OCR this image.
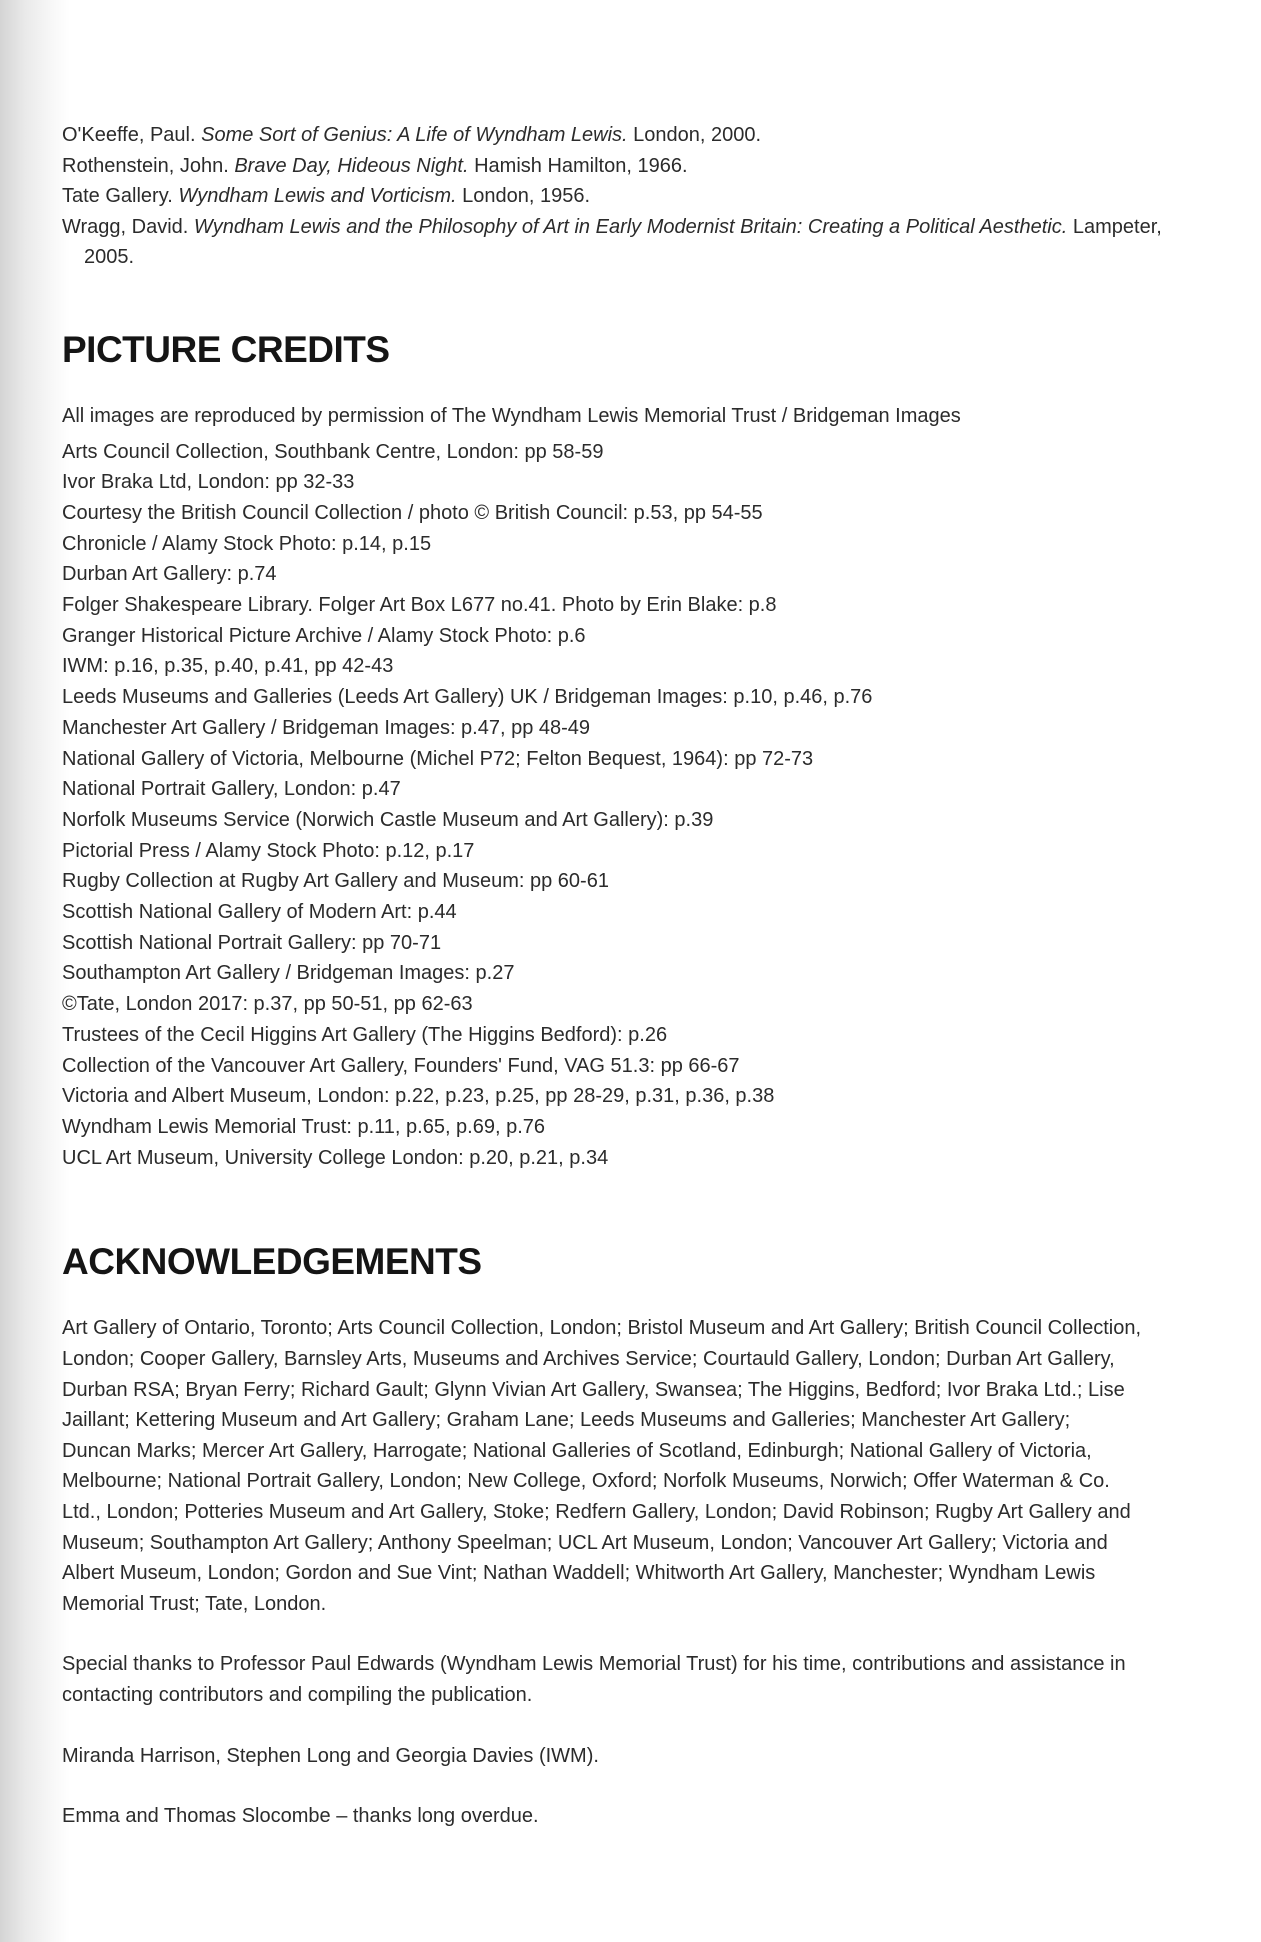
O'Keeffe, Paul. Some Sort of Genius: A Life of Wyndham Lewis. London, 2000.
Rothenstein, John. Brave Day, Hideous Night. Hamish Hamilton, 1966.
Tate Gallery. Wyndham Lewis and Vorticism. London, 1956.
Wragg, David. Wyndham Lewis and the Philosophy of Art in Early Modernist Britain: Creating a Political Aesthetic. Lampeter, 2005.
PICTURE CREDITS

All images are reproduced by permission of The Wyndham Lewis Memorial Trust / Bridgeman Images

Arts Council Collection, Southbank Centre, London: pp 58-59
Ivor Braka Ltd, London: pp 32-33
Courtesy the British Council Collection / photo © British Council: p.53, pp 54-55
Chronicle / Alamy Stock Photo: p.14, p.15
Durban Art Gallery: p.74
Folger Shakespeare Library. Folger Art Box L677 no.41. Photo by Erin Blake: p.8
Granger Historical Picture Archive / Alamy Stock Photo: p.6
IWM: p.16, p.35, p.40, p.41, pp 42-43
Leeds Museums and Galleries (Leeds Art Gallery) UK / Bridgeman Images: p.10, p.46, p.76
Manchester Art Gallery / Bridgeman Images: p.47, pp 48-49
National Gallery of Victoria, Melbourne (Michel P72; Felton Bequest, 1964): pp 72-73
National Portrait Gallery, London: p.47
Norfolk Museums Service (Norwich Castle Museum and Art Gallery): p.39
Pictorial Press / Alamy Stock Photo: p.12, p.17
Rugby Collection at Rugby Art Gallery and Museum: pp 60-61
Scottish National Gallery of Modern Art: p.44
Scottish National Portrait Gallery: pp 70-71
Southampton Art Gallery / Bridgeman Images: p.27
©Tate, London 2017: p.37, pp 50-51, pp 62-63
Trustees of the Cecil Higgins Art Gallery (The Higgins Bedford): p.26
Collection of the Vancouver Art Gallery, Founders' Fund, VAG 51.3: pp 66-67
Victoria and Albert Museum, London: p.22, p.23, p.25, pp 28-29, p.31, p.36, p.38
Wyndham Lewis Memorial Trust: p.11, p.65, p.69, p.76
UCL Art Museum, University College London: p.20, p.21, p.34
ACKNOWLEDGEMENTS

Art Gallery of Ontario, Toronto; Arts Council Collection, London; Bristol Museum and Art Gallery; British Council Collection, London; Cooper Gallery, Barnsley Arts, Museums and Archives Service; Courtauld Gallery, London; Durban Art Gallery, Durban RSA; Bryan Ferry; Richard Gault; Glynn Vivian Art Gallery, Swansea; The Higgins, Bedford; Ivor Braka Ltd.; Lise Jaillant; Kettering Museum and Art Gallery; Graham Lane; Leeds Museums and Galleries; Manchester Art Gallery; Duncan Marks; Mercer Art Gallery, Harrogate; National Galleries of Scotland, Edinburgh; National Gallery of Victoria, Melbourne; National Portrait Gallery, London; New College, Oxford; Norfolk Museums, Norwich; Offer Waterman & Co. Ltd., London; Potteries Museum and Art Gallery, Stoke; Redfern Gallery, London; David Robinson; Rugby Art Gallery and Museum; Southampton Art Gallery; Anthony Speelman; UCL Art Museum, London; Vancouver Art Gallery; Victoria and Albert Museum, London; Gordon and Sue Vint; Nathan Waddell; Whitworth Art Gallery, Manchester; Wyndham Lewis Memorial Trust; Tate, London.

Special thanks to Professor Paul Edwards (Wyndham Lewis Memorial Trust) for his time, contributions and assistance in contacting contributors and compiling the publication.

Miranda Harrison, Stephen Long and Georgia Davies (IWM).

Emma and Thomas Slocombe – thanks long overdue.
